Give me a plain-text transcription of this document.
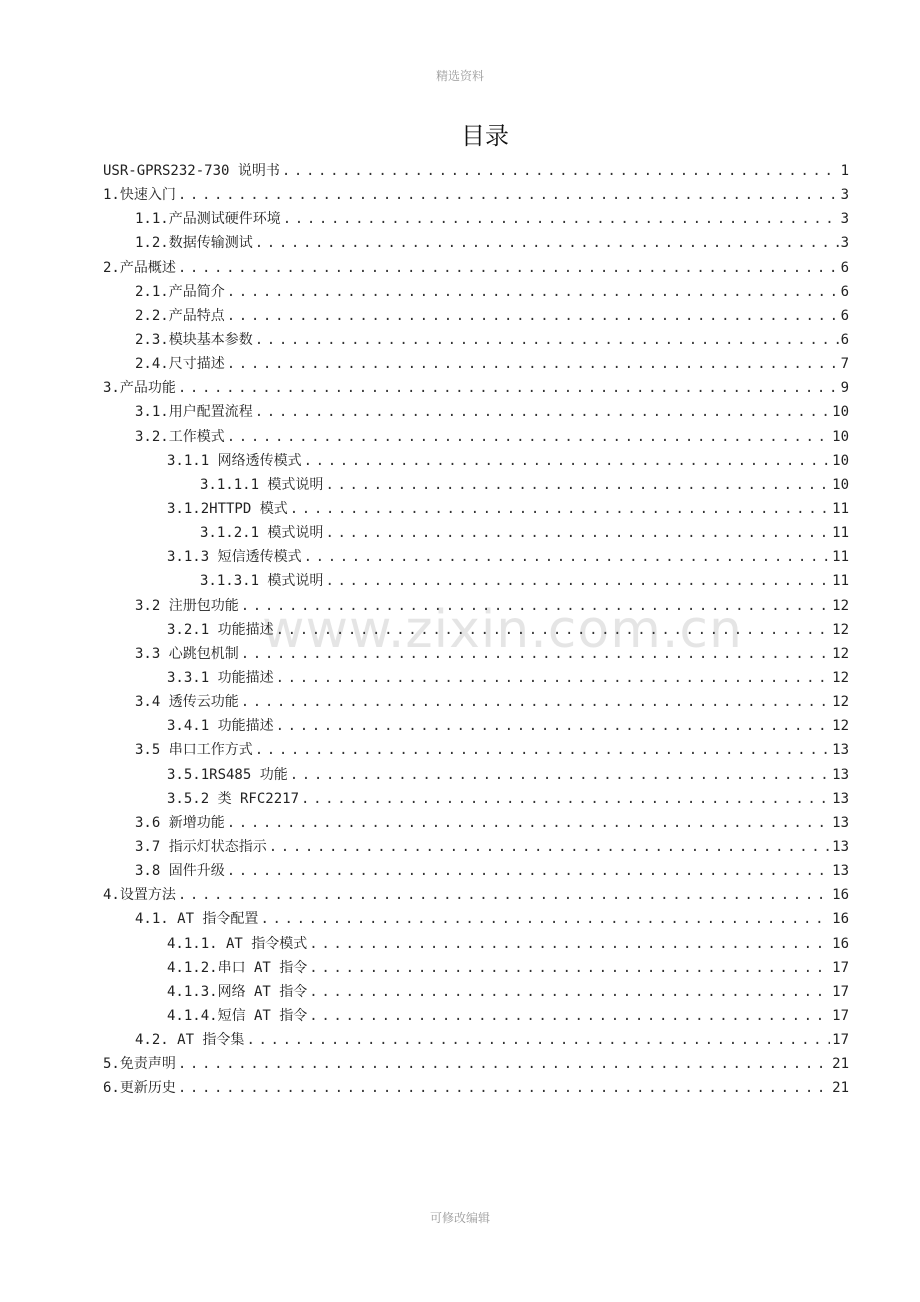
精选资料
目录
www.zixin.com.cn
USR-GPRS232-730 说明书 . . .	1
1.快速入门 . . .	3
1.1.产品测试硬件环境 . . .	3
1.2.数据传输测试 . . .	3
2.产品概述 . . .	6
2.1.产品简介 . . .	6
2.2.产品特点 . . .	6
2.3.模块基本参数 . . .	6
2.4.尺寸描述 . . .	7
3.产品功能 . . .	9
3.1.用户配置流程 . . .	10
3.2.工作模式 . . .	10
3.1.1 网络透传模式 . . .	10
3.1.1.1 模式说明 . . .	10
3.1.2HTTPD 模式 . . .	11
3.1.2.1 模式说明 . . .	11
3.1.3 短信透传模式 . . .	11
3.1.3.1 模式说明 . . .	11
3.2 注册包功能 . . .	12
3.2.1 功能描述 . . .	12
3.3 心跳包机制 . . .	12
3.3.1 功能描述 . . .	12
3.4 透传云功能 . . .	12
3.4.1 功能描述 . . .	12
3.5 串口工作方式 . . .	13
3.5.1RS485 功能 . . .	13
3.5.2 类 RFC2217 . . .	13
3.6 新增功能 . . .	13
3.7 指示灯状态指示 . . .	13
3.8 固件升级 . . .	13
4.设置方法 . . .	16
4.1. AT 指令配置 . . .	16
4.1.1. AT 指令模式 . . .	16
4.1.2.串口 AT 指令 . . .	17
4.1.3.网络 AT 指令 . . .	17
4.1.4.短信 AT 指令 . . .	17
4.2. AT 指令集 . . .	17
5.免责声明 . . .	21
6.更新历史 . . .	21
可修改编辑
